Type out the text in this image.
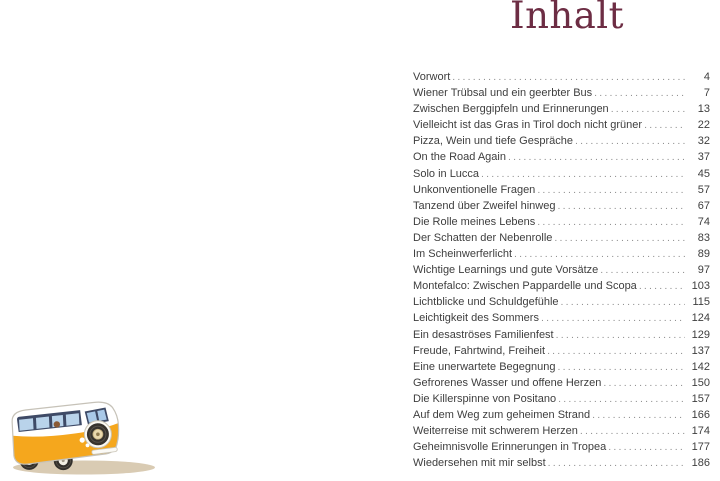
Inhalt
Vorwort .....	4
Wiener Trübsal und ein geerbter Bus .....	7
Zwischen Berggipfeln und Erinnerungen .....	13
Vielleicht ist das Gras in Tirol doch nicht grüner .....	22
Pizza, Wein und tiefe Gespräche .....	32
On the Road Again .....	37
Solo in Lucca .....	45
Unkonventionelle Fragen .....	57
Tanzend über Zweifel hinweg .....	67
Die Rolle meines Lebens .....	74
Der Schatten der Nebenrolle .....	83
Im Scheinwerferlicht .....	89
Wichtige Learnings und gute Vorsätze .....	97
Montefalco: Zwischen Pappardelle und Scopa .....	103
Lichtblicke und Schuldgefühle .....	115
Leichtigkeit des Sommers .....	124
Ein desaströses Familienfest .....	129
Freude, Fahrtwind, Freiheit .....	137
Eine unerwartete Begegnung .....	142
Gefrorenes Wasser und offene Herzen .....	150
Die Killerspinne von Positano .....	157
Auf dem Weg zum geheimen Strand .....	166
Weiterreise mit schwerem Herzen .....	174
Geheimnisvolle Erinnerungen in Tropea .....	177
Wiedersehen mit mir selbst .....	186
